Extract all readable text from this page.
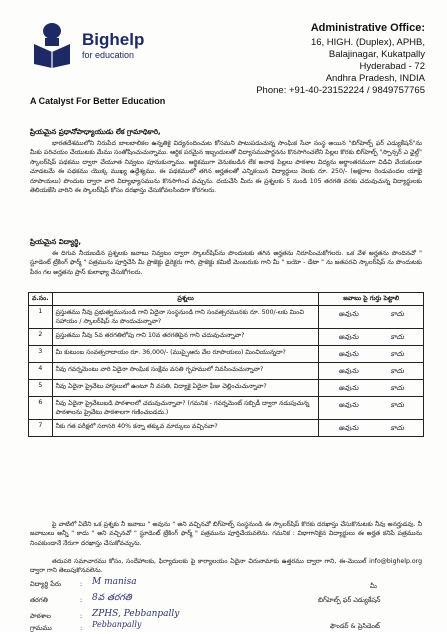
Bighelp
for education
A Catalyst For Better Education
Administrative Office:
16, HIGH. (Duplex), APHB,
Balajinagar, Kukatpally
Hyderabad - 72
Andhra Pradesh, INDIA
Phone: +91-40-23152224 / 9849757765
ప్రియమైన ప్రధానోపాధ్యాయుడు లేక గ్రామాధికారి,
భారతదేశములోని నిరుపేద బాలబాలికల ఉన్నతికై విద్యనందించుట కోసమని పాటుపడుచున్న సాంఘిక సేవా సంస్థ అయిన "బిగ్‌హెల్ప్ ఫర్ ఎడ్యుకేషన్"ను మీకు పరిచయం చేయుటకు మేము సంతోషించుచున్నాము. ఆర్థిక పరమైన ఇబ్బందులతో విద్యాసముపార్జనను కొనసాగించలేని పిల్లల కొరకు బిగ్‌హెల్ప్ "స్పాన్సర్ ఎ ఛైల్డ్" స్కాలర్‌షిప్ పథకము ద్వారా చేయూత నివ్వటం పూనుకున్నాము. ఆర్థికముగా వెనుకబడిన లేక అనాథ పిల్లలు పాఠశాల విద్యను అర్థాంతరముగా విడిచి వేయకుండా చూడటమే ఈ పథకము యొక్క ముఖ్య ఉద్దేశ్యము. ఈ పథకములో తగిన అర్హతలతో ఎన్నికయిన విద్యార్థులు నెలకు రూ. 250/- (అక్షరాల రెండువందల యాభై రూపాయలు) పొందుట ద్వారా వారి విద్యాభ్యాసమును కొనసాగించ వచ్చును. దయచేసి మీరు ఈ ప్రశ్నలకు 5 నుండి 105 తరగతి వరకు చదువుచున్న విద్యార్థులకు తెలియజేసి వారిని ఈ స్కాలర్‌షిప్ కోసం దరఖాస్తు చేసుకోవలసిందిగా కోరగలరు.
ప్రియమైన విద్యార్థి,
ఈ దిగువ నీయబడిన ప్రశ్నలకు జవాబు నివ్వటం ద్వారా స్కాలర్‌షిప్‌ను పొందుటకు తగిన అర్హతను నిరూపించుకోగలరు. ఒక వేళ అర్హతను పొందినచో " స్టూడెంట్ ట్రేకింగ్ ఫార్మ్ " పత్రమును పూర్తిచేసి మీ ప్రాజెక్టు డైరెక్టరు గారి, ప్రాజెక్టు కమిటీ మెంబరుకు గాని మీ " బయో - డేటా " ను జతపరచి స్కాలర్‌షిప్ ను పొందుటకు పీఠం గల అర్హతను ప్రాస్ కులాభ్యా చేసుకోగలరు.
వ.సం.	ప్రశ్నలు	జవాబు పై గుర్తు పెట్టాలి
1	ప్రస్తుతము నీవు ప్రభుత్వమునుండి గాని ఏదైనా సంస్థనుండి గాని సంవత్సరమునకు రూ. 500/-లకు మించి సహాయం / స్కాలర్‌షిప్ ను పొందుచున్నావా?	అవును కాదు

2	ప్రస్తుతము నీవు 5వ తరగతిలోపు గాని 10వ తరగతిపైన గాని చదువుచున్నావా?	అవును కాదు

3	మీ కుటుంబ సంవత్సరాదాయం రూ. 36,000/- (ముప్పైఆరు వేల రూపాయలు) మించియున్నదా?	అవును కాదు

4	నీవు గవర్నమెంటు వారి ఏదైనా సాంఘిక సంక్షేమ వసతి గృహములో నివసించుచున్నావా?	అవును కాదు

5	నీవు ఏదైనా ప్రైవేటు హాస్టలులో ఉంటూ నీ వసతి, విద్యాకై ఏదైనా ఫీజు చెల్లించుచున్నావా?	అవును కాదు

6	నీవు ఏదైనా ప్రైవేటుబడి పాఠశాలలో చదువుచున్నావా? (గమనిక - గవర్నమెంట్ సబ్సిడీ ద్వారా నడుపుచున్న పాఠశాలను ప్రైవేటు పాఠశాలగా గణించబడదు.)	అవును కాదు

7	నీకు గత పరీక్షలో సరాసరి 40% కన్నా తక్కువ మార్కులు వచ్చినవా?	అవును కాదు
పై వాటిలో ఏదేని ఒక ప్రశ్నకు నీ జవాబు " అవును " అని వచ్చినచో బిగ్‌హెల్ప్ సంస్థనుండి ఈ స్కాలర్‌షిప్ కొరకు దరఖాస్తు చేసుకొనుటకు నీవు అనర్హుడవు. నీ జవాబులు అన్నీ " కాదు " అని వచ్చినచో " స్టూడెంట్ ట్రేకింగ్ ఫార్మ్ " పత్రమును పూర్తిచేయవలెను. గమనిక : విభాగానికైన విద్యార్థులు ఈ అర్హత కనిపే పత్రమును నింపకుండానే నేరుగా దరఖాస్తు చేసుకోవచ్చును.
తదుపరి సమాచారము కోసం, సందేహాలకు, ఫిర్యాదులకు పై కార్యాలయం ఏదైనా చిరునామాకు ఉత్తరము ద్వారా గాని, ఈ-మెయిల్ info@bighelp.org ద్వారా గాని తెలుపుకొనవలెను.
విద్యార్థి పేరు	: M manisa
తరగతి	: 8వ తరగతి
పాఠశాల	: ZPHS, Pebbanpally
గ్రామము	: Pebbanpally
మీ
బిగ్‌హెల్ప్ ఫర్ ఎడ్యుకేషన్
ఫౌండర్ & ప్రెసిడెంట్
